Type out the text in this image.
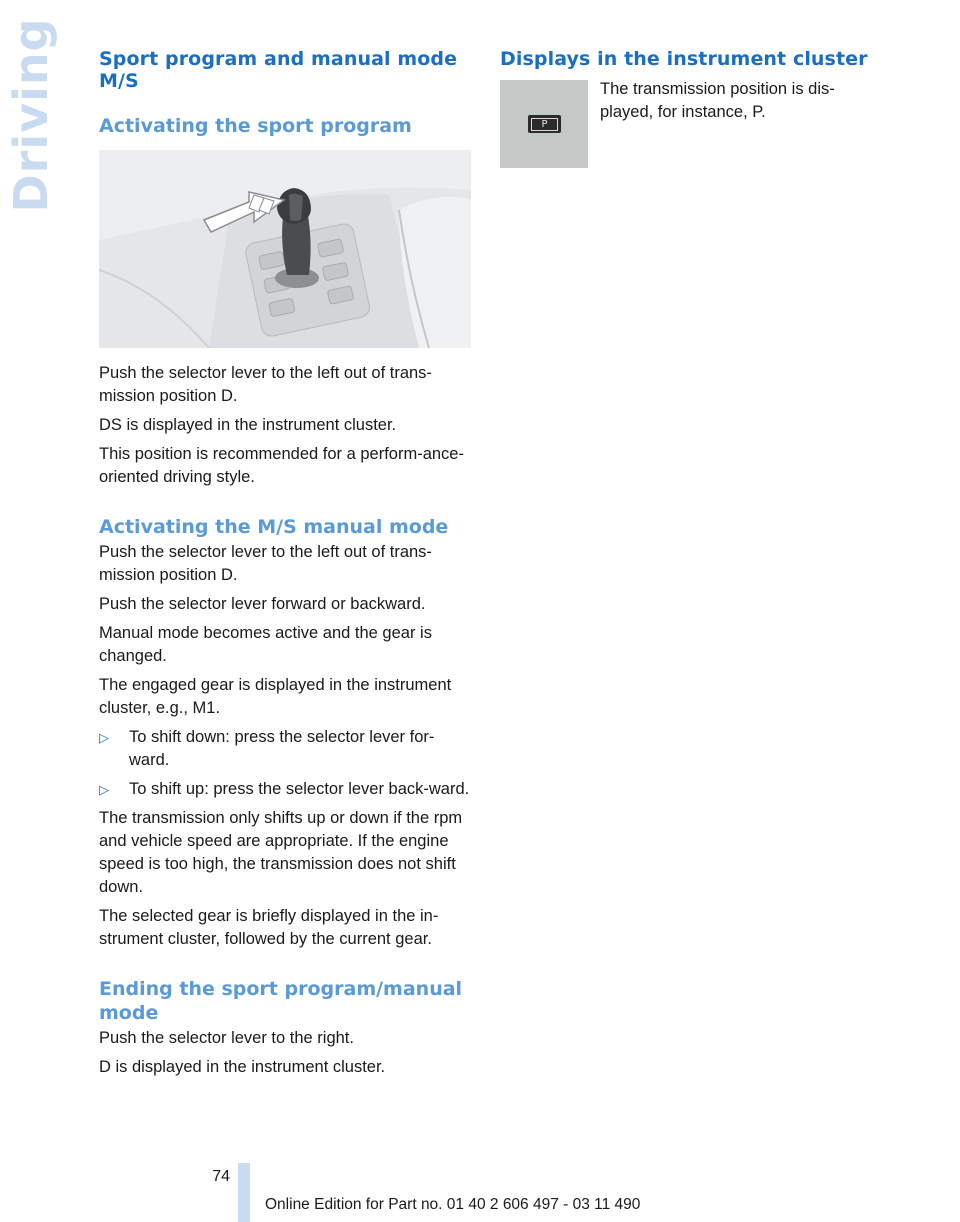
Driving Sport program and manual mode M/S
Activating the sport program

Push the selector lever to the left out of trans-mission position D.

DS is displayed in the instrument cluster.

This position is recommended for a perform-ance-oriented driving style.

Activating the M/S manual mode

Push the selector lever to the left out of trans-mission position D.

Push the selector lever forward or backward.

Manual mode becomes active and the gear is changed.

The engaged gear is displayed in the instrument cluster, e.g., M1.

▷ To shift down: press the selector lever for-ward.

▷ To shift up: press the selector lever back-ward.

The transmission only shifts up or down if the rpm and vehicle speed are appropriate. If the engine speed is too high, the transmission does not shift down.

The selected gear is briefly displayed in the in-strument cluster, followed by the current gear.

Ending the sport program/manual mode

Push the selector lever to the right.

D is displayed in the instrument cluster.

Displays in the instrument cluster
P

The transmission position is dis-played, for instance, P.

74
Online Edition for Part no. 01 40 2 606 497 - 03 11 490
